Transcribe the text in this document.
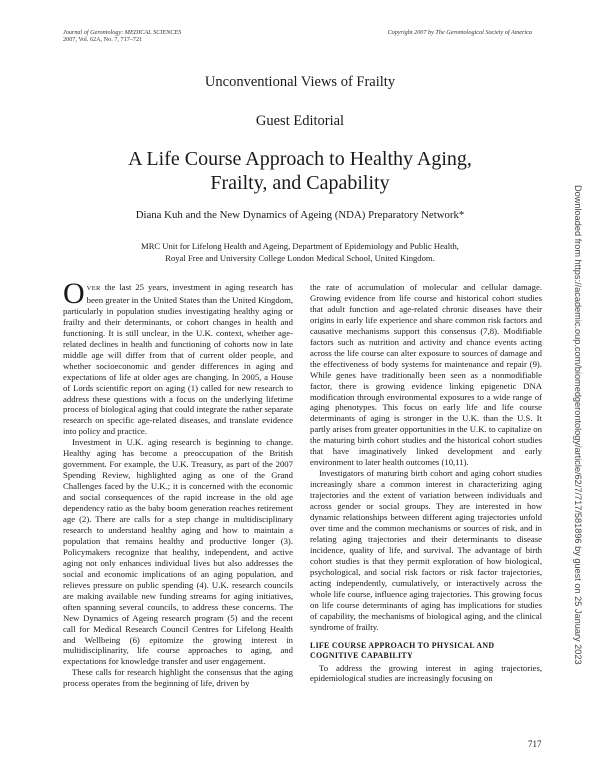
Journal of Gerontology: MEDICAL SCIENCES
2007, Vol. 62A, No. 7, 717–721
Copyright 2007 by The Gerontological Society of America
Unconventional Views of Frailty
Guest Editorial
A Life Course Approach to Healthy Aging,
Frailty, and Capability
Diana Kuh and the New Dynamics of Ageing (NDA) Preparatory Network*
MRC Unit for Lifelong Health and Ageing, Department of Epidemiology and Public Health,
Royal Free and University College London Medical School, United Kingdom.

OVER the last 25 years, investment in aging research has been greater in the United States than the United Kingdom, particularly in population studies investigating healthy aging or frailty and their determinants, or cohort changes in health and functioning. It is still unclear, in the U.K. context, whether age-related declines in health and functioning of cohorts now in late middle age will differ from that of current older people, and whether socioeconomic and gender differences in aging and expectations of life at older ages are changing. In 2005, a House of Lords scientific report on aging (1) called for new research to address these questions with a focus on the underlying lifetime process of biological aging that could integrate the rather separate research on specific age-related diseases, and translate evidence into policy and practice.

Investment in U.K. aging research is beginning to change. Healthy aging has become a preoccupation of the British government. For example, the U.K. Treasury, as part of the 2007 Spending Review, highlighted aging as one of the Grand Challenges faced by the U.K.; it is concerned with the economic and social consequences of the rapid increase in the old age dependency ratio as the baby boom generation reaches retirement age (2). There are calls for a step change in multidisciplinary research to understand healthy aging and how to maintain a population that remains healthy and productive longer (3). Policymakers recognize that healthy, independent, and active aging not only enhances individual lives but also addresses the social and economic implications of an aging population, and relieves pressure on public spending (4). U.K. research councils are making available new funding streams for aging initiatives, often spanning several councils, to address these concerns. The New Dynamics of Ageing research program (5) and the recent call for Medical Research Council Centres for Lifelong Health and Wellbeing (6) epitomize the growing interest in multidisciplinarity, life course approaches to aging, and expectations for knowledge transfer and user engagement.

These calls for research highlight the consensus that the aging process operates from the beginning of life, driven by

the rate of accumulation of molecular and cellular damage. Growing evidence from life course and historical cohort studies that adult function and age-related chronic diseases have their origins in early life experience and share common risk factors and causative mechanisms support this consensus (7,8). Modifiable factors such as nutrition and activity and chance events acting across the life course can alter exposure to sources of damage and the effectiveness of body systems for maintenance and repair (9). While genes have traditionally been seen as a nonmodifiable factor, there is growing evidence linking epigenetic DNA modification through environmental exposures to a wide range of aging phenotypes. This focus on early life and life course determinants of aging is stronger in the U.K. than the U.S. It partly arises from greater opportunities in the U.K. to capitalize on the maturing birth cohort studies and the historical cohort studies that have imaginatively linked development and early environment to later health outcomes (10,11).

Investigators of maturing birth cohort and aging cohort studies increasingly share a common interest in characterizing aging trajectories and the extent of variation between individuals and across gender or social groups. They are interested in how dynamic relationships between different aging trajectories unfold over time and the common mechanisms or sources of risk, and in relating aging trajectories and their determinants to disease incidence, quality of life, and survival. The advantage of birth cohort studies is that they permit exploration of how biological, psychological, and social risk factors or risk factor trajectories, acting independently, cumulatively, or interactively across the whole life course, influence aging trajectories. This growing focus on life course determinants of aging has implications for studies of capability, the mechanisms of biological aging, and the clinical syndrome of frailty.

LIFE COURSE APPROACH TO PHYSICAL AND
COGNITIVE CAPABILITY

To address the growing interest in aging trajectories, epidemiological studies are increasingly focusing on

Downloaded from https://academic.oup.com/biomedgerontology/article/62/7/717/581896 by guest on 25 January 2023
717
